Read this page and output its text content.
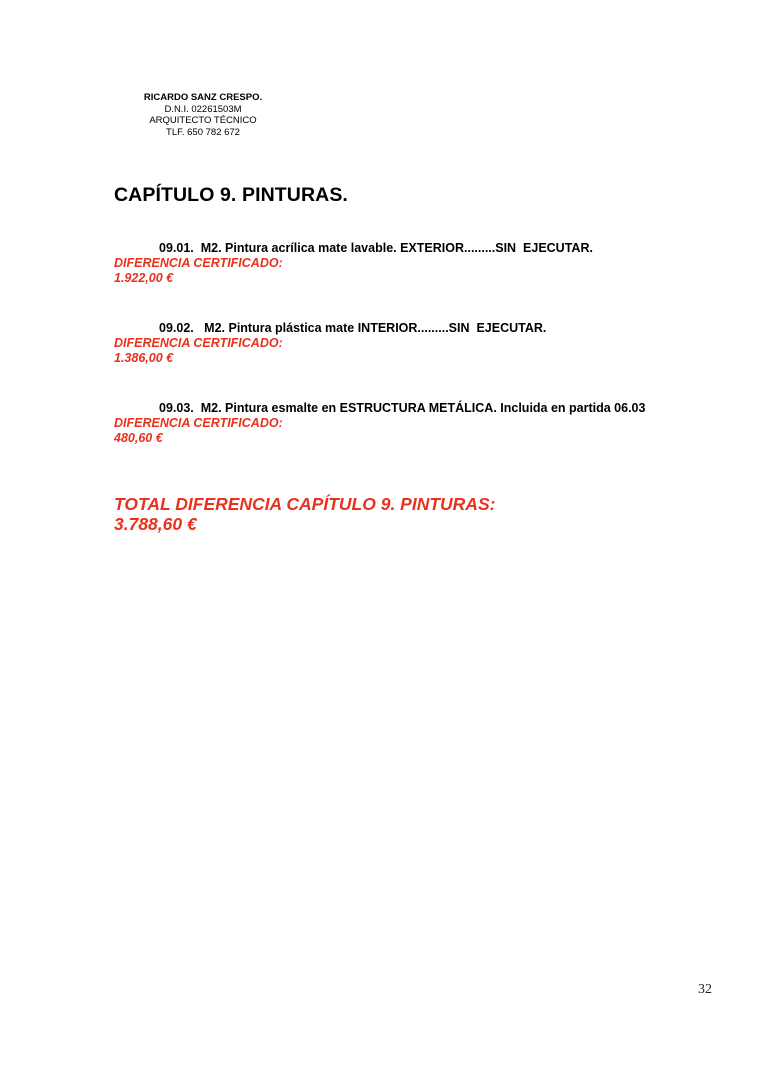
RICARDO SANZ CRESPO.
D.N.I. 02261503M
ARQUITECTO TÉCNICO
TLF. 650 782 672
CAPÍTULO 9. PINTURAS.
09.01.  M2. Pintura acrílica mate lavable. EXTERIOR.........SIN  EJECUTAR.
DIFERENCIA CERTIFICADO:
1.922,00 €
09.02.   M2. Pintura plástica mate INTERIOR.........SIN  EJECUTAR.
DIFERENCIA CERTIFICADO:
1.386,00 €
09.03.  M2. Pintura esmalte en ESTRUCTURA METÁLICA. Incluida en partida 06.03
DIFERENCIA CERTIFICADO:
480,60 €
TOTAL DIFERENCIA CAPÍTULO 9. PINTURAS:
3.788,60 €
32
